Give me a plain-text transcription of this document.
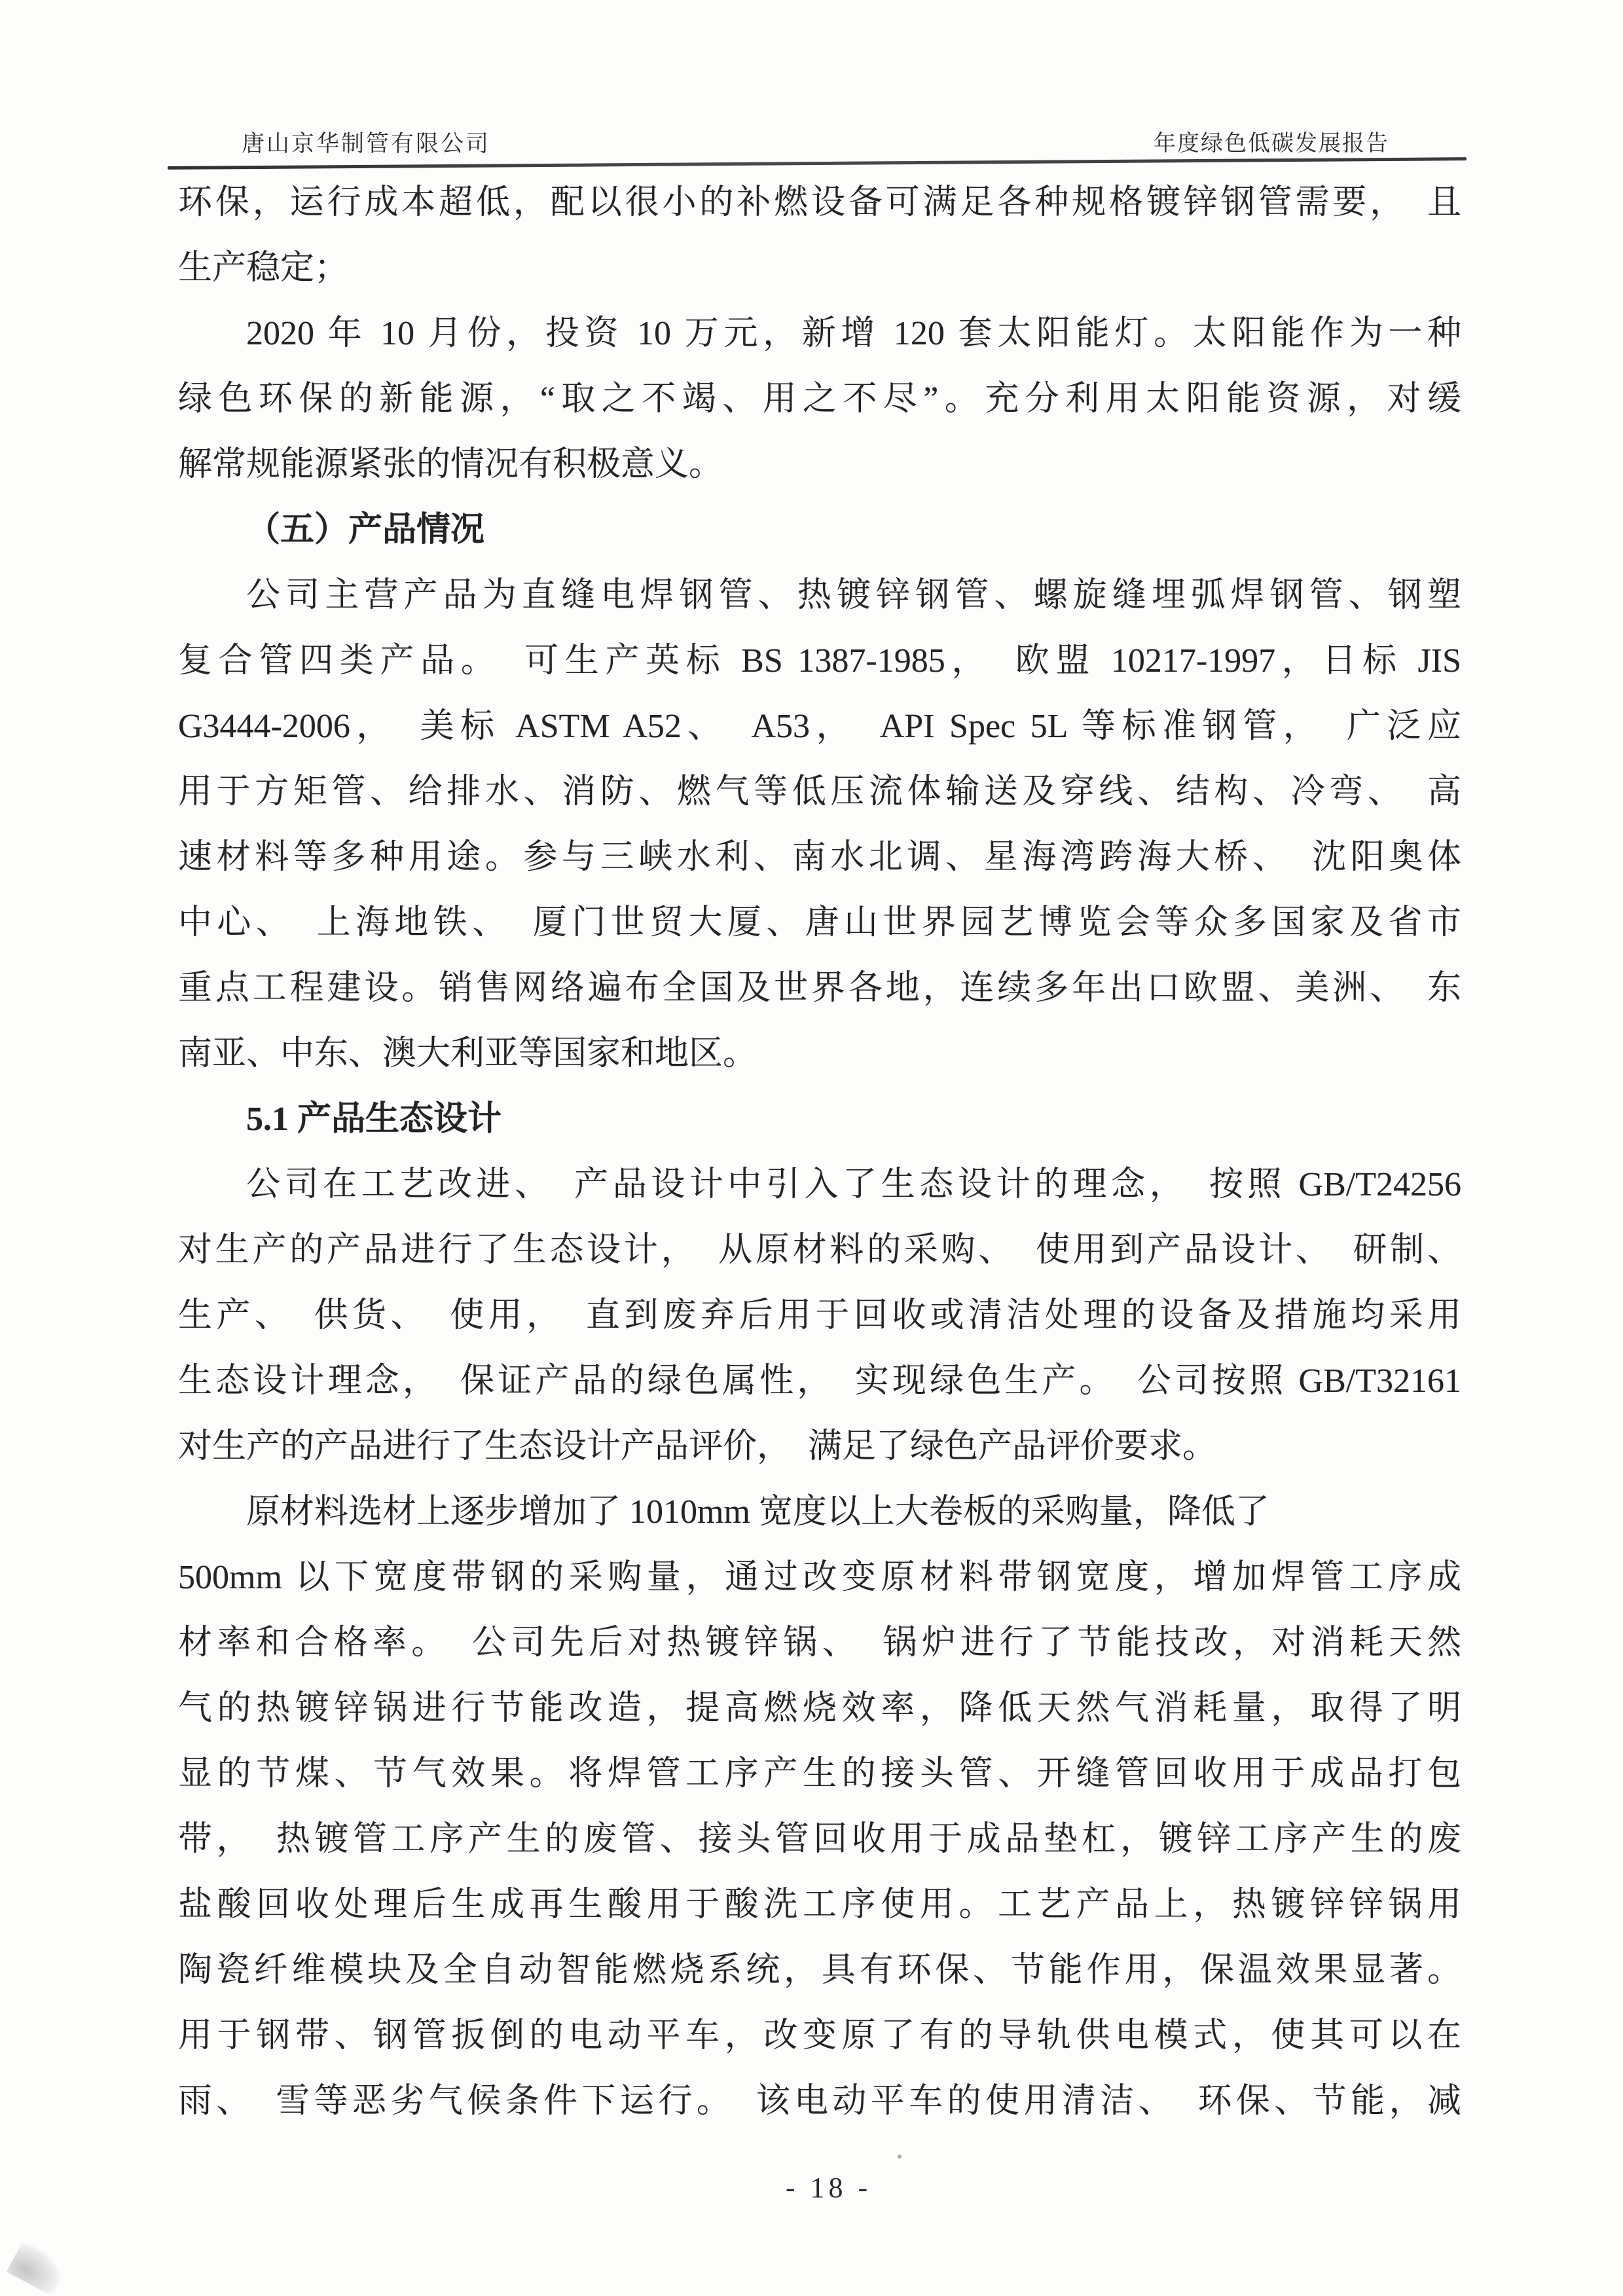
唐山京华制管有限公司	年度绿色低碳发展报告
环保，运行成本超低，配以很小的补燃设备可满足各种规格镀锌钢管需要，　且
生产稳定；
2020 年 10 月份，投资 10 万元，新增 120 套太阳能灯。太阳能作为一种
绿色环保的新能源，“取之不竭、用之不尽”。充分利用太阳能资源，对缓
解常规能源紧张的情况有积极意义。
（五）产品情况
公司主营产品为直缝电焊钢管、热镀锌钢管、螺旋缝埋弧焊钢管、钢塑
复合管四类产品。　可生产英标 BS 1387-1985，　欧盟 10217-1997，日标 JIS
G3444-2006，　美标 ASTM A52、　A53，　API Spec 5L 等标准钢管，　广泛应
用于方矩管、给排水、消防、燃气等低压流体输送及穿线、结构、冷弯、　高
速材料等多种用途。参与三峡水利、南水北调、星海湾跨海大桥、　沈阳奥体
中心、　上海地铁、　厦门世贸大厦、唐山世界园艺博览会等众多国家及省市
重点工程建设。销售网络遍布全国及世界各地，连续多年出口欧盟、美洲、　东
南亚、中东、澳大利亚等国家和地区。
5.1 产品生态设计
公司在工艺改进、　产品设计中引入了生态设计的理念，　按照 GB/T24256
对生产的产品进行了生态设计，　从原材料的采购、　使用到产品设计、　研制、
生产、　供货、　使用，　直到废弃后用于回收或清洁处理的设备及措施均采用
生态设计理念，　保证产品的绿色属性，　实现绿色生产。　公司按照 GB/T32161
对生产的产品进行了生态设计产品评价，　满足了绿色产品评价要求。
原材料选材上逐步增加了 1010mm 宽度以上大卷板的采购量，降低了
500mm 以下宽度带钢的采购量，通过改变原材料带钢宽度，增加焊管工序成
材率和合格率。　公司先后对热镀锌锅、　锅炉进行了节能技改，对消耗天然
气的热镀锌锅进行节能改造，提高燃烧效率，降低天然气消耗量，取得了明
显的节煤、节气效果。将焊管工序产生的接头管、开缝管回收用于成品打包
带，　热镀管工序产生的废管、接头管回收用于成品垫杠，镀锌工序产生的废
盐酸回收处理后生成再生酸用于酸洗工序使用。工艺产品上，热镀锌锌锅用
陶瓷纤维模块及全自动智能燃烧系统，具有环保、节能作用，保温效果显著。
用于钢带、钢管扳倒的电动平车，改变原了有的导轨供电模式，使其可以在
雨、　雪等恶劣气候条件下运行。　该电动平车的使用清洁、　环保、节能，减
- 18 -
